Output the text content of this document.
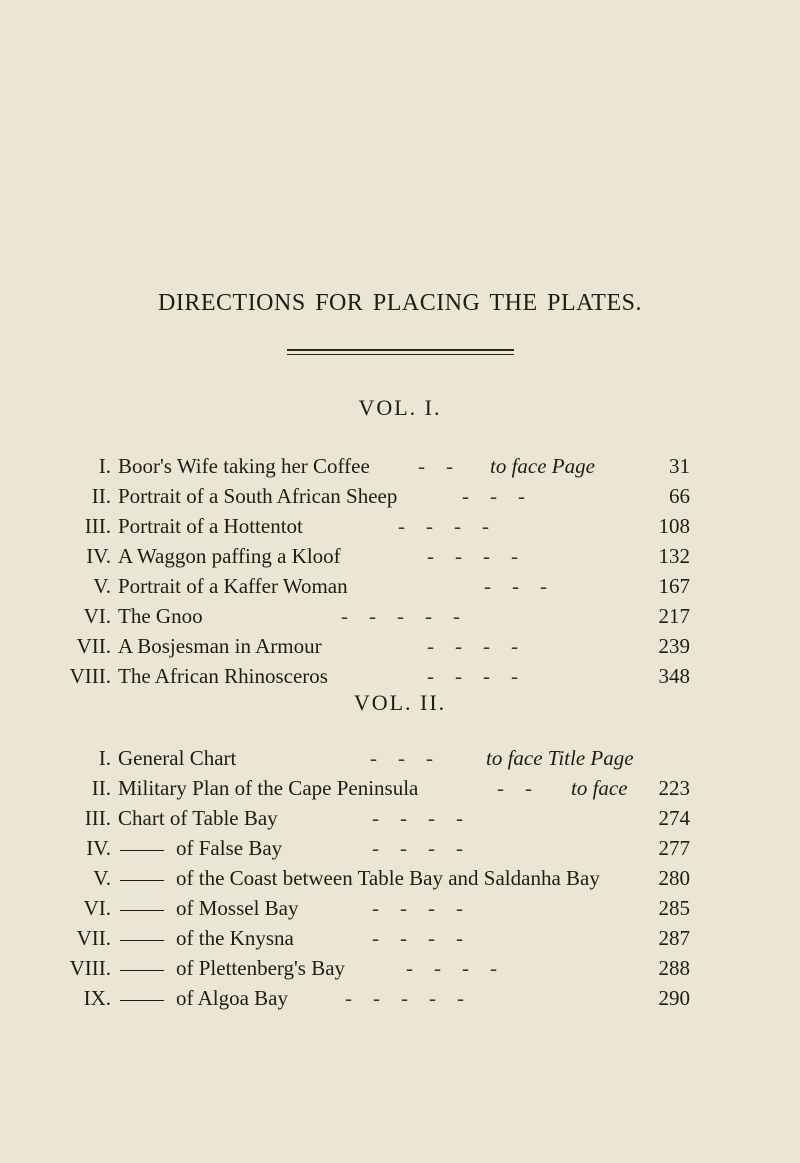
DIRECTIONS FOR PLACING THE PLATES.
VOL. I.
I. Boor's Wife taking her Coffee -    - to face Page	31
II. Portrait of a South African Sheep	-    -    -	66
III. Portrait of a Hottentot	-    -    -    -	108
IV. A Waggon paffing a Kloof	-    -    -    -	132
V. Portrait of a Kaffer Woman	-    -    -	167
VI. The Gnoo	-    -    -    -    -	217
VII. A Bosjesman in Armour	-    -    -    -	239
VIII. The African Rhinosceros	-    -    -    -	348
VOL. II.
I. General Chart	-    -    -	to face Title Page
II. Military Plan of the Cape Peninsula	-    - to face 223
III. Chart of Table Bay	-    -    -    -	274
IV.	of False Bay	-    -    -    -	277
V.	of the Coast between Table Bay and Saldanha Bay	280
VI.	of Mossel Bay	-    -    -    -	285
VII.	of the Knysna	-    -    -    -	287
VIII.	of Plettenberg's Bay	-    -    -    -	288
IX.	of Algoa Bay	-    -    -    -    -	290
